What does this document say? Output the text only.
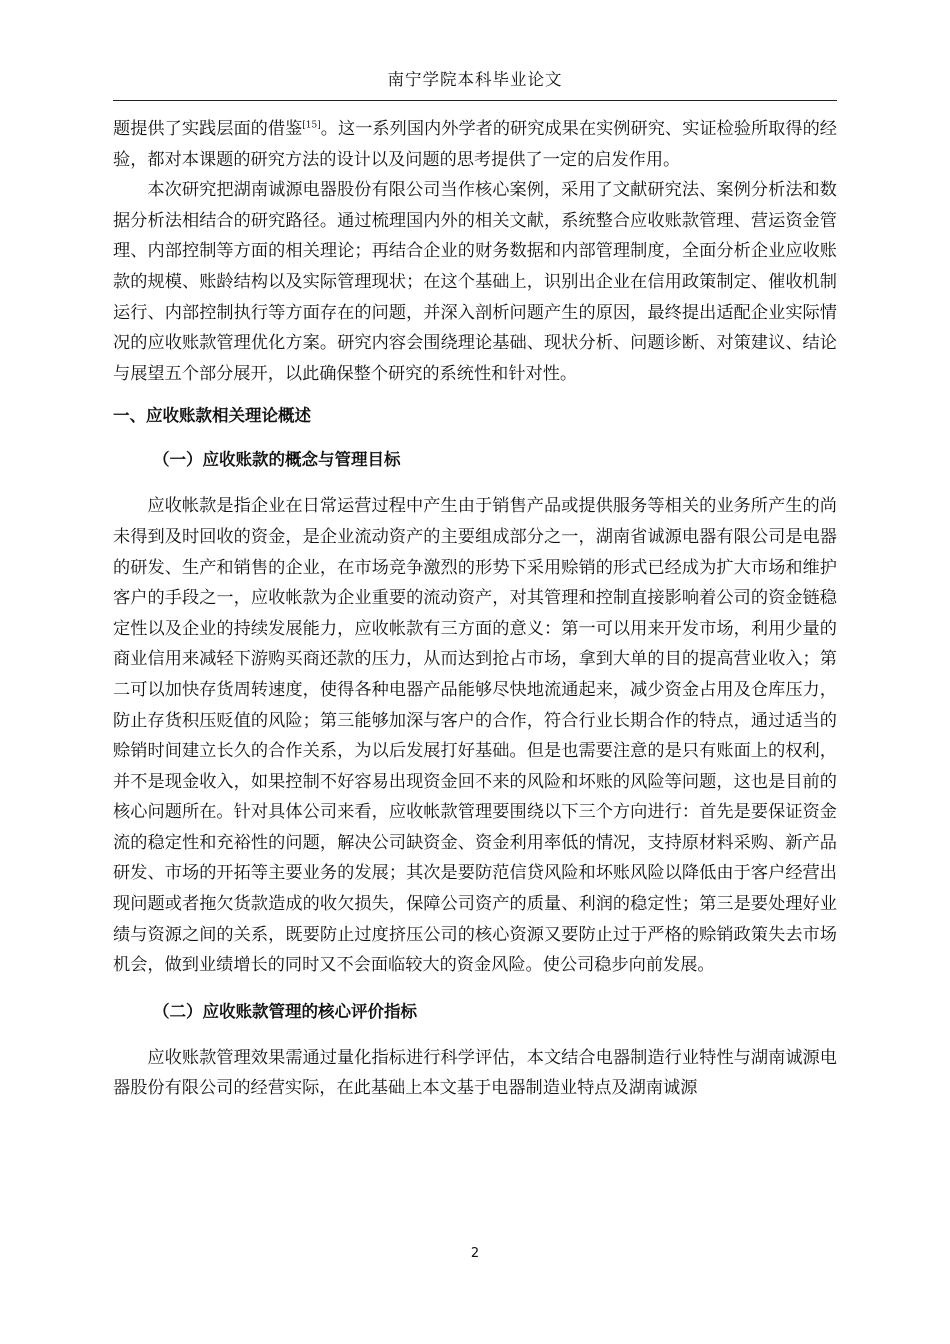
南宁学院本科毕业论文

题提供了实践层面的借鉴[15]。这一系列国内外学者的研究成果在实例研究、实证检验所取得的经验，都对本课题的研究方法的设计以及问题的思考提供了一定的启发作用。

本次研究把湖南诚源电器股份有限公司当作核心案例，采用了文献研究法、案例分析法和数据分析法相结合的研究路径。通过梳理国内外的相关文献，系统整合应收账款管理、营运资金管理、内部控制等方面的相关理论；再结合企业的财务数据和内部管理制度，全面分析企业应收账款的规模、账龄结构以及实际管理现状；在这个基础上，识别出企业在信用政策制定、催收机制运行、内部控制执行等方面存在的问题，并深入剖析问题产生的原因，最终提出适配企业实际情况的应收账款管理优化方案。研究内容会围绕理论基础、现状分析、问题诊断、对策建议、结论与展望五个部分展开，以此确保整个研究的系统性和针对性。

一、应收账款相关理论概述

（一）应收账款的概念与管理目标

应收帐款是指企业在日常运营过程中产生由于销售产品或提供服务等相关的业务所产生的尚未得到及时回收的资金，是企业流动资产的主要组成部分之一，湖南省诚源电器有限公司是电器的研发、生产和销售的企业，在市场竞争激烈的形势下采用赊销的形式已经成为扩大市场和维护客户的手段之一，应收帐款为企业重要的流动资产，对其管理和控制直接影响着公司的资金链稳定性以及企业的持续发展能力，应收帐款有三方面的意义：第一可以用来开发市场，利用少量的商业信用来减轻下游购买商还款的压力，从而达到抢占市场，拿到大单的目的提高营业收入；第二可以加快存货周转速度，使得各种电器产品能够尽快地流通起来，减少资金占用及仓库压力，防止存货积压贬值的风险；第三能够加深与客户的合作，符合行业长期合作的特点，通过适当的赊销时间建立长久的合作关系，为以后发展打好基础。但是也需要注意的是只有账面上的权利，并不是现金收入，如果控制不好容易出现资金回不来的风险和坏账的风险等问题，这也是目前的核心问题所在。针对具体公司来看，应收帐款管理要围绕以下三个方向进行：首先是要保证资金流的稳定性和充裕性的问题，解决公司缺资金、资金利用率低的情况，支持原材料采购、新产品研发、市场的开拓等主要业务的发展；其次是要防范信贷风险和坏账风险以降低由于客户经营出现问题或者拖欠货款造成的收欠损失，保障公司资产的质量、利润的稳定性；第三是要处理好业绩与资源之间的关系，既要防止过度挤压公司的核心资源又要防止过于严格的赊销政策失去市场机会，做到业绩增长的同时又不会面临较大的资金风险。使公司稳步向前发展。

（二）应收账款管理的核心评价指标

应收账款管理效果需通过量化指标进行科学评估，本文结合电器制造行业特性与湖南诚源电器股份有限公司的经营实际，在此基础上本文基于电器制造业特点及湖南诚源

2
